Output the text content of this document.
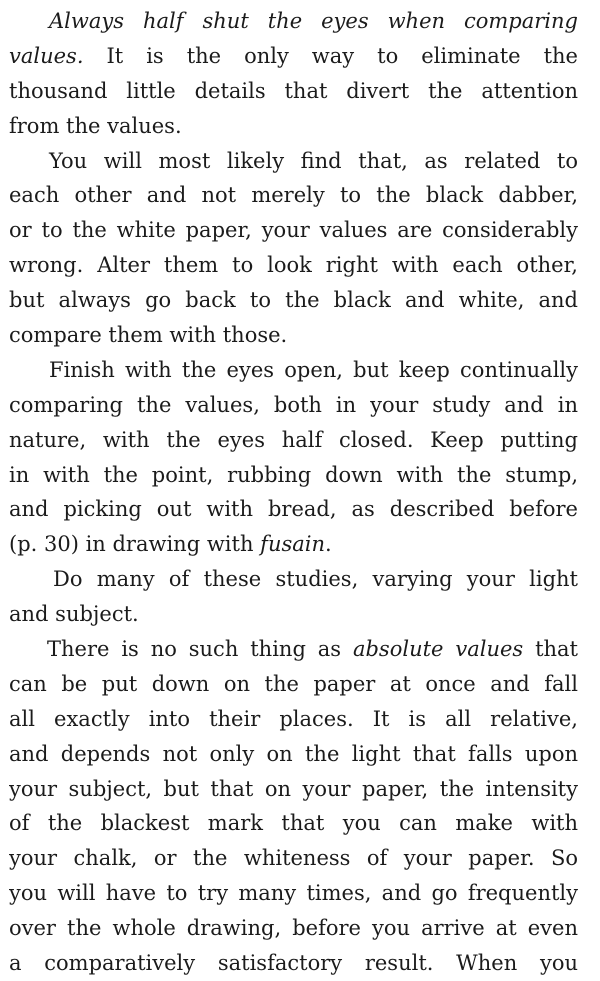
Always half shut the eyes when comparing
values. It is the only way to eliminate the
thousand little details that divert the attention
from the values.
You will most likely find that, as related to
each other and not merely to the black dabber,
or to the white paper, your values are considerably
wrong. Alter them to look right with each other,
but always go back to the black and white, and
compare them with those.
Finish with the eyes open, but keep continually
comparing the values, both in your study and in
nature, with the eyes half closed. Keep putting
in with the point, rubbing down with the stump,
and picking out with bread, as described before
(p. 30) in drawing with fusain.
Do many of these studies, varying your light
and subject.
There is no such thing as absolute values that
can be put down on the paper at once and fall
all exactly into their places. It is all relative,
and depends not only on the light that falls upon
your subject, but that on your paper, the intensity
of the blackest mark that you can make with
your chalk, or the whiteness of your paper. So
you will have to try many times, and go frequently
over the whole drawing, before you arrive at even
a comparatively satisfactory result. When you
